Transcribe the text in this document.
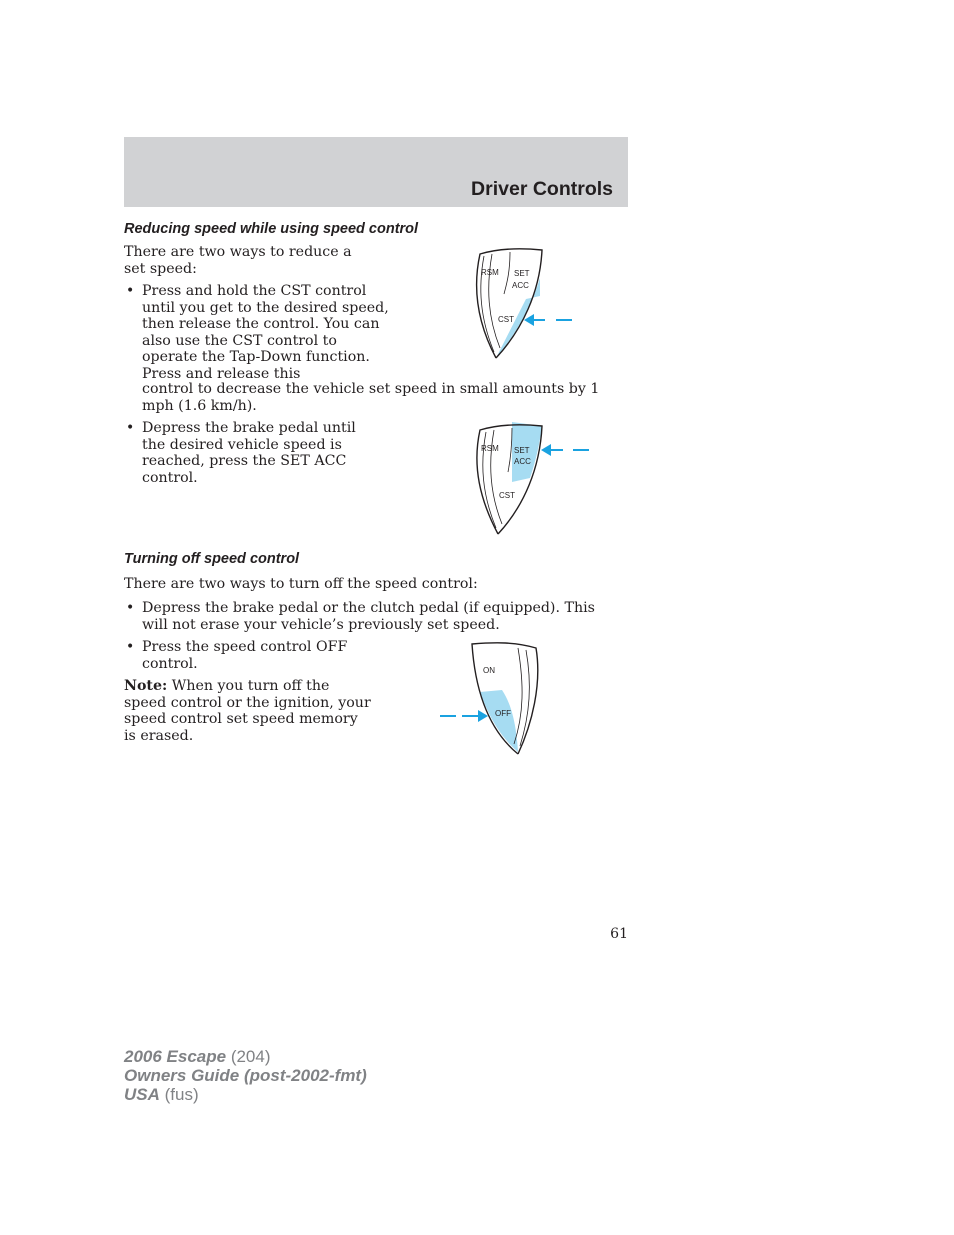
Driver Controls
Reducing speed while using speed control
There are two ways to reduce a set speed:
• Press and hold the CST control until you get to the desired speed, then release the control. You can also use the CST control to operate the Tap-Down function. Press and release this
control to decrease the vehicle set speed in small amounts by 1 mph (1.6 km/h).
• Depress the brake pedal until the desired vehicle speed is reached, press the SET ACC control.
RSM SET
ACC
CST
RSM SET
ACC
CST
Turning off speed control
There are two ways to turn off the speed control:
• Depress the brake pedal or the clutch pedal (if equipped). This will not erase your vehicle’s previously set speed.
• Press the speed control OFF control.
Note: When you turn off the speed control or the ignition, your speed control set speed memory is erased.
ON
OFF
61
2006 Escape (204)
Owners Guide (post-2002-fmt)
USA (fus)
